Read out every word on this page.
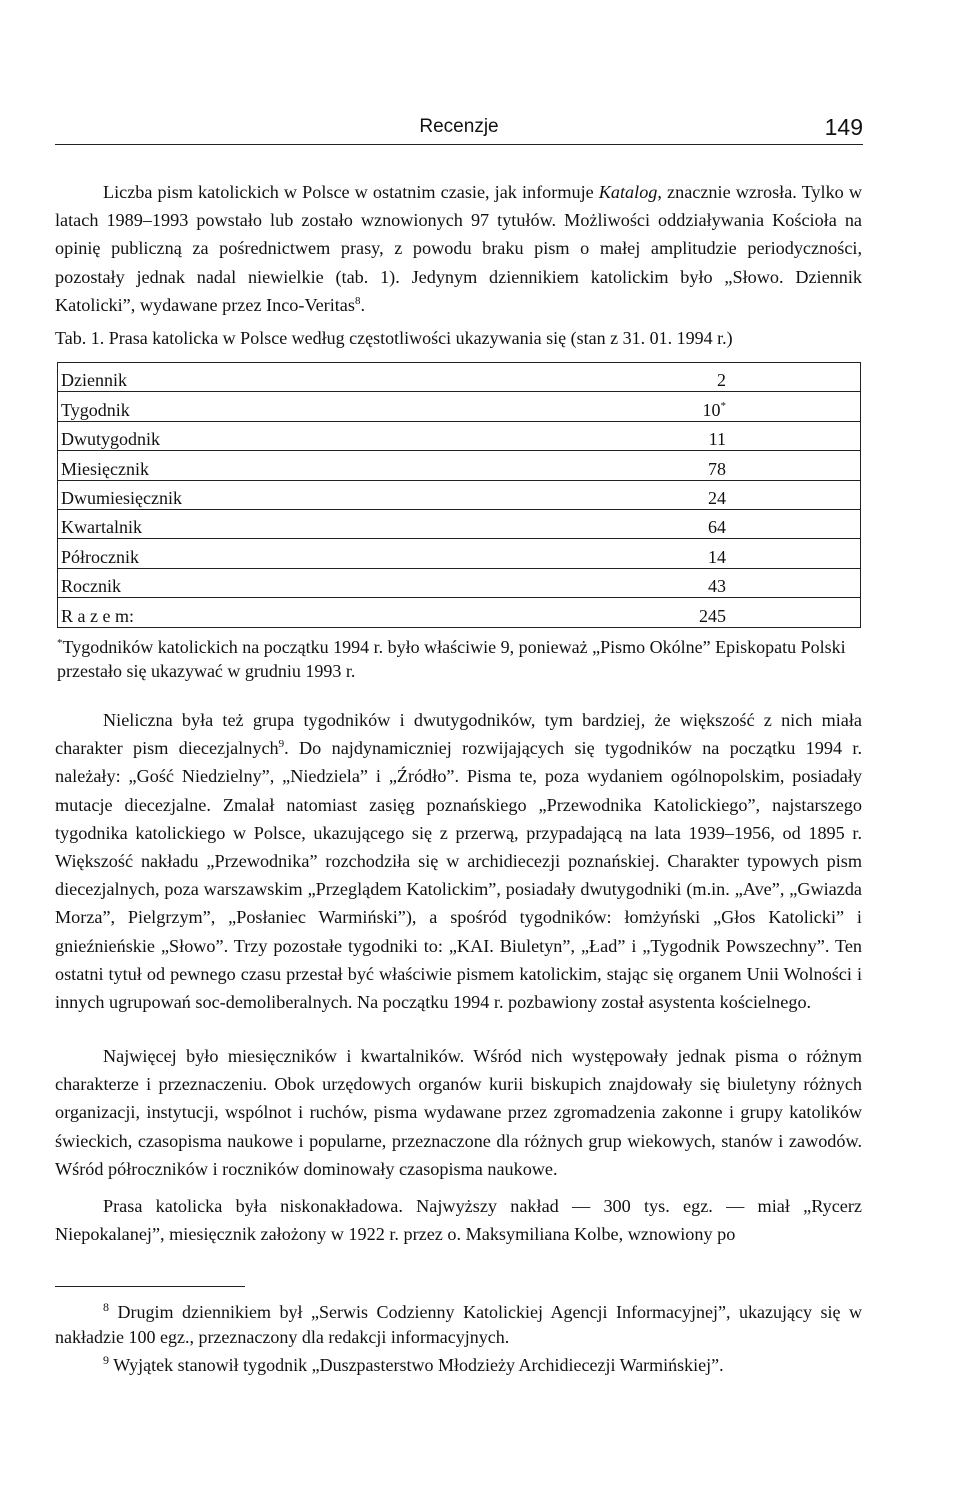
Recenzje	149

Liczba pism katolickich w Polsce w ostatnim czasie, jak informuje Katalog, znacznie wzrosła. Tylko w latach 1989–1993 powstało lub zostało wznowionych 97 tytułów. Możliwości oddziaływania Kościoła na opinię publiczną za pośrednictwem prasy, z powodu braku pism o małej amplitudzie periodyczności, pozostały jednak nadal niewielkie (tab. 1). Jedynym dziennikiem katolickim było „Słowo. Dziennik Katolicki”, wydawane przez Inco-Veritas$^8$.

Tab. 1. Prasa katolicka w Polsce według częstotliwości ukazywania się (stan z 31. 01. 1994 r.)
Dziennik	2
Tygodnik	10*
Dwutygodnik	11
Miesięcznik	78
Dwumiesięcznik	24
Kwartalnik	64
Półrocznik	14
Rocznik	43
R a z e m:	245
*Tygodników katolickich na początku 1994 r. było właściwie 9, ponieważ „Pismo Okólne” Episkopatu Polski przestało się ukazywać w grudniu 1993 r.

Nieliczna była też grupa tygodników i dwutygodników, tym bardziej, że większość z nich miała charakter pism diecezjalnych$^9$. Do najdynamiczniej rozwijających się tygodników na początku 1994 r. należały: „Gość Niedzielny”, „Niedziela” i „Źródło”. Pisma te, poza wydaniem ogólnopolskim, posiadały mutacje diecezjalne. Zmalał natomiast zasięg poznańskiego „Przewodnika Katolickiego”, najstarszego tygodnika katolickiego w Polsce, ukazującego się z przerwą, przypadającą na lata 1939–1956, od 1895 r. Większość nakładu „Przewodnika” rozchodziła się w archidiecezji poznańskiej. Charakter typowych pism diecezjalnych, poza warszawskim „Przeglądem Katolickim”, posiadały dwutygodniki (m.in. „Ave”, „Gwiazda Morza”, Pielgrzym”, „Posłaniec Warmiński”), a spośród tygodników: łomżyński „Głos Katolicki” i gnieźnieńskie „Słowo”. Trzy pozostałe tygodniki to: „KAI. Biuletyn”, „Ład” i „Tygodnik Powszechny”. Ten ostatni tytuł od pewnego czasu przestał być właściwie pismem katolickim, stając się organem Unii Wolności i innych ugrupowań soc-demoliberalnych. Na początku 1994 r. pozbawiony został asystenta kościelnego.

Najwięcej było miesięczników i kwartalników. Wśród nich występowały jednak pisma o różnym charakterze i przeznaczeniu. Obok urzędowych organów kurii biskupich znajdowały się biuletyny różnych organizacji, instytucji, wspólnot i ruchów, pisma wydawane przez zgromadzenia zakonne i grupy katolików świeckich, czasopisma naukowe i popularne, przeznaczone dla różnych grup wiekowych, stanów i zawodów. Wśród półroczników i roczników dominowały czasopisma naukowe.

Prasa katolicka była niskonakładowa. Najwyższy nakład — 300 tys. egz. — miał „Rycerz Niepokalanej”, miesięcznik założony w 1922 r. przez o. Maksymiliana Kolbe, wznowiony po

$^8$ Drugim dziennikiem był „Serwis Codzienny Katolickiej Agencji Informacyjnej”, ukazujący się w nakładzie 100 egz., przeznaczony dla redakcji informacyjnych.

$^9$ Wyjątek stanowił tygodnik „Duszpasterstwo Młodzieży Archidiecezji Warmińskiej”.
